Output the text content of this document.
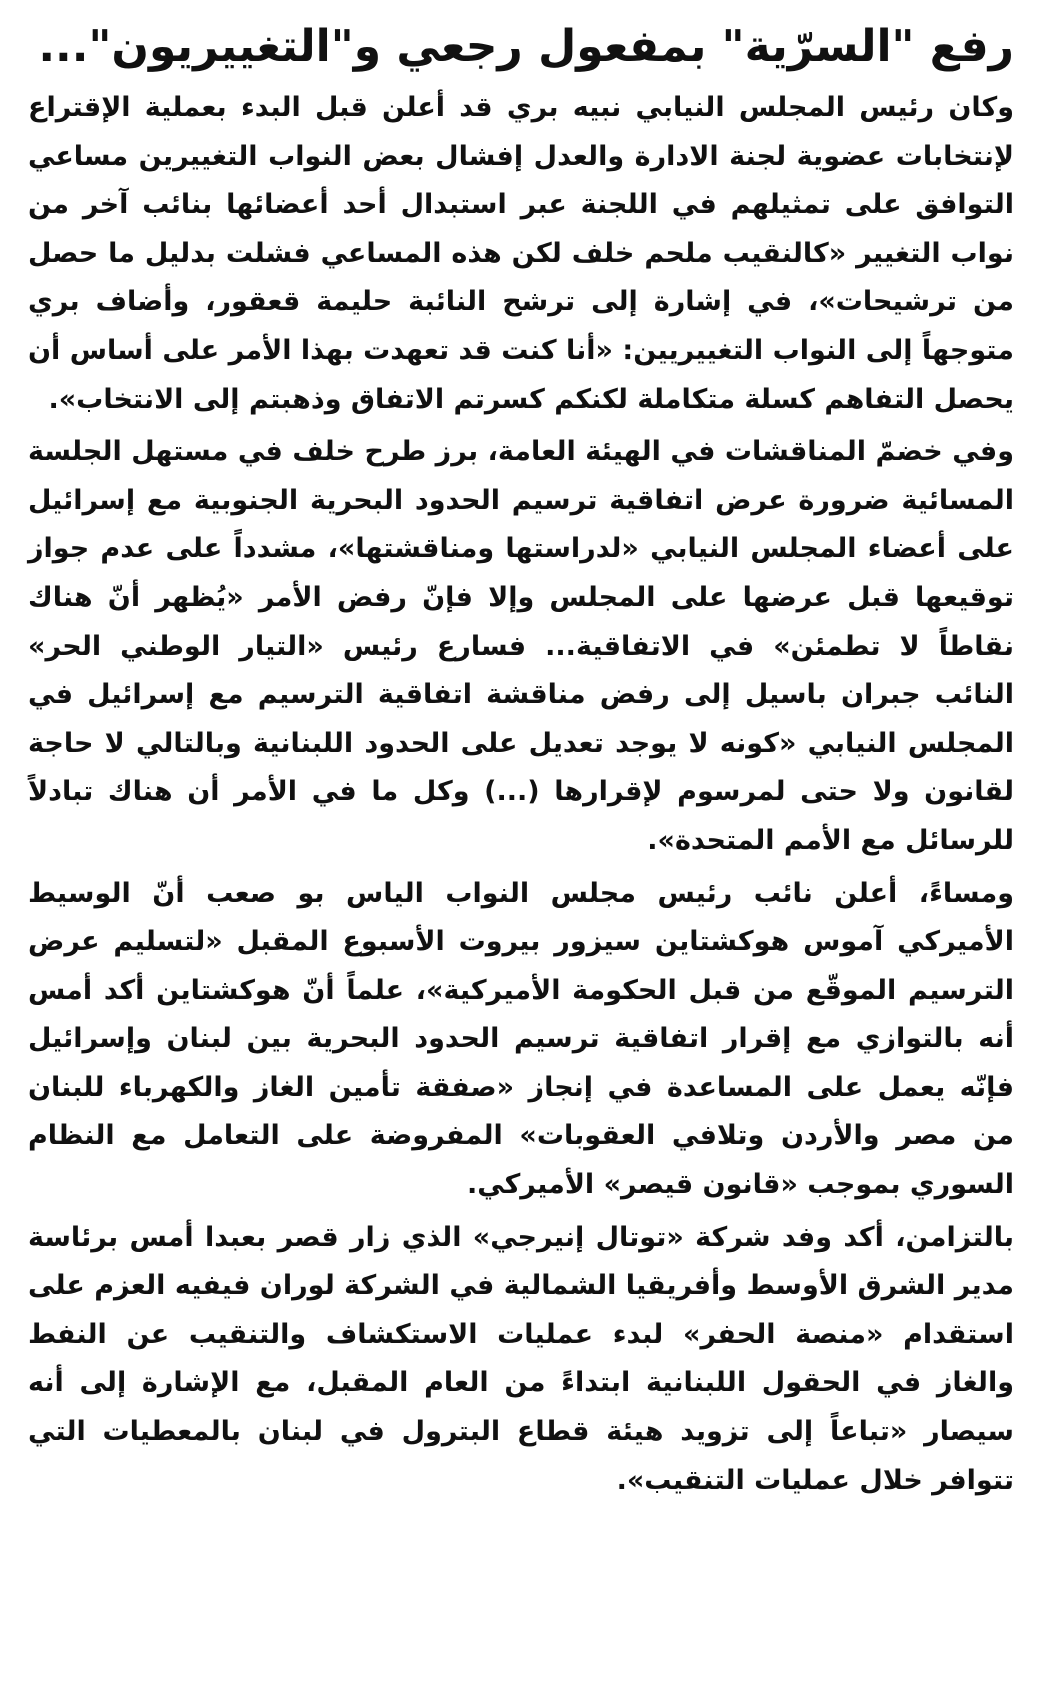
رفع "السرّية" بمفعول رجعي و"التغييريون"...

وكان رئيس المجلس النيابي نبيه بري قد أعلن قبل البدء بعملية الإقتراع لإنتخابات عضوية لجنة الادارة والعدل إفشال بعض النواب التغييرين مساعي التوافق على تمثيلهم في اللجنة عبر استبدال أحد أعضائها بنائب آخر من نواب التغيير «كالنقيب ملحم خلف لكن هذه المساعي فشلت بدليل ما حصل من ترشيحات»، في إشارة إلى ترشح النائبة حليمة قعقور، وأضاف بري متوجهاً إلى النواب التغييريين: «أنا كنت قد تعهدت بهذا الأمر على أساس أن يحصل التفاهم كسلة متكاملة لكنكم كسرتم الاتفاق وذهبتم إلى الانتخاب».

وفي خضمّ المناقشات في الهيئة العامة، برز طرح خلف في مستهل الجلسة المسائية ضرورة عرض اتفاقية ترسيم الحدود البحرية الجنوبية مع إسرائيل على أعضاء المجلس النيابي «لدراستها ومناقشتها»، مشدداً على عدم جواز توقيعها قبل عرضها على المجلس وإلا فإنّ رفض الأمر «يُظهر أنّ هناك نقاطاً لا تطمئن» في الاتفاقية... فسارع رئيس «التيار الوطني الحر» النائب جبران باسيل إلى رفض مناقشة اتفاقية الترسيم مع إسرائيل في المجلس النيابي «كونه لا يوجد تعديل على الحدود اللبنانية وبالتالي لا حاجة لقانون ولا حتى لمرسوم لإقرارها (...) وكل ما في الأمر أن هناك تبادلاً للرسائل مع الأمم المتحدة».

ومساءً، أعلن نائب رئيس مجلس النواب الياس بو صعب أنّ الوسيط الأميركي آموس هوكشتاين سيزور بيروت الأسبوع المقبل «لتسليم عرض الترسيم الموقّع من قبل الحكومة الأميركية»، علماً أنّ هوكشتاين أكد أمس أنه بالتوازي مع إقرار اتفاقية ترسيم الحدود البحرية بين لبنان وإسرائيل فإنّه يعمل على المساعدة في إنجاز «صفقة تأمين الغاز والكهرباء للبنان من مصر والأردن وتلافي العقوبات» المفروضة على التعامل مع النظام السوري بموجب «قانون قيصر» الأميركي.

بالتزامن، أكد وفد شركة «توتال إنيرجي» الذي زار قصر بعبدا أمس برئاسة مدير الشرق الأوسط وأفريقيا الشمالية في الشركة لوران فيفيه العزم على استقدام «منصة الحفر» لبدء عمليات الاستكشاف والتنقيب عن النفط والغاز في الحقول اللبنانية ابتداءً من العام المقبل، مع الإشارة إلى أنه سيصار «تباعاً إلى تزويد هيئة قطاع البترول في لبنان بالمعطيات التي تتوافر خلال عمليات التنقيب».
